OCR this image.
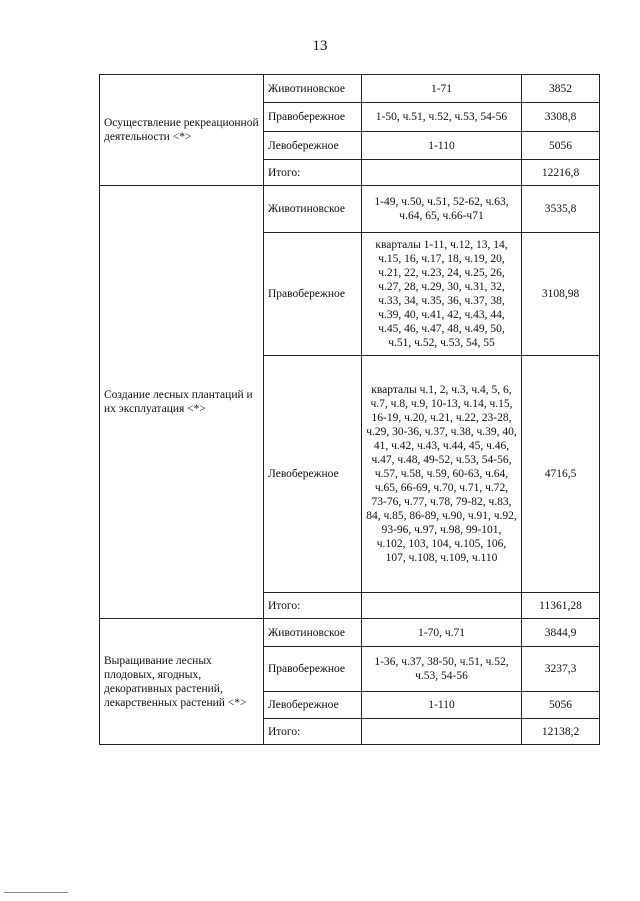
13
Осуществление рекреационной деятельности <*>	Животиновское	1-71	3852
	Правобережное	1-50, ч.51, ч.52, ч.53, 54-56	3308,8
	Левобережное	1-110	5056
	Итого:		12216,8
Создание лесных плантаций и их эксплуатация <*>	Животиновское	1-49, ч.50, ч.51, 52-62, ч.63, ч.64, 65, ч.66-ч71	3535,8
	Правобережное	кварталы 1-11, ч.12, 13, 14, ч.15, 16, ч.17, 18, ч.19, 20, ч.21, 22, ч.23, 24, ч.25, 26, ч.27, 28, ч.29, 30, ч.31, 32, ч.33, 34, ч.35, 36, ч.37, 38, ч.39, 40, ч.41, 42, ч.43, 44, ч.45, 46, ч.47, 48, ч.49, 50, ч.51, ч.52, ч.53, 54, 55	3108,98
	Левобережное	кварталы ч.1, 2, ч.3, ч.4, 5, 6, ч.7, ч.8, ч.9, 10-13, ч.14, ч.15, 16-19, ч.20, ч.21, ч.22, 23-28, ч.29, 30-36, ч.37, ч.38, ч.39, 40, 41, ч.42, ч.43, ч.44, 45, ч.46, ч.47, ч.48, 49-52, ч.53, 54-56, ч.57, ч.58, ч.59, 60-63, ч.64, ч.65, 66-69, ч.70, ч.71, ч.72, 73-76, ч.77, ч.78, 79-82, ч.83, 84, ч.85, 86-89, ч.90, ч.91, ч.92, 93-96, ч.97, ч.98, 99-101, ч.102, 103, 104, ч.105, 106, 107, ч.108, ч.109, ч.110	4716,5
	Итого:		11361,28
Выращивание лесных плодовых, ягодных, декоративных растений, лекарственных растений <*>	Животиновское	1-70, ч.71	3844,9
	Правобережное	1-36, ч.37, 38-50, ч.51, ч.52, ч.53, 54-56	3237,3
	Левобережное	1-110	5056
	Итого:		12138,2
